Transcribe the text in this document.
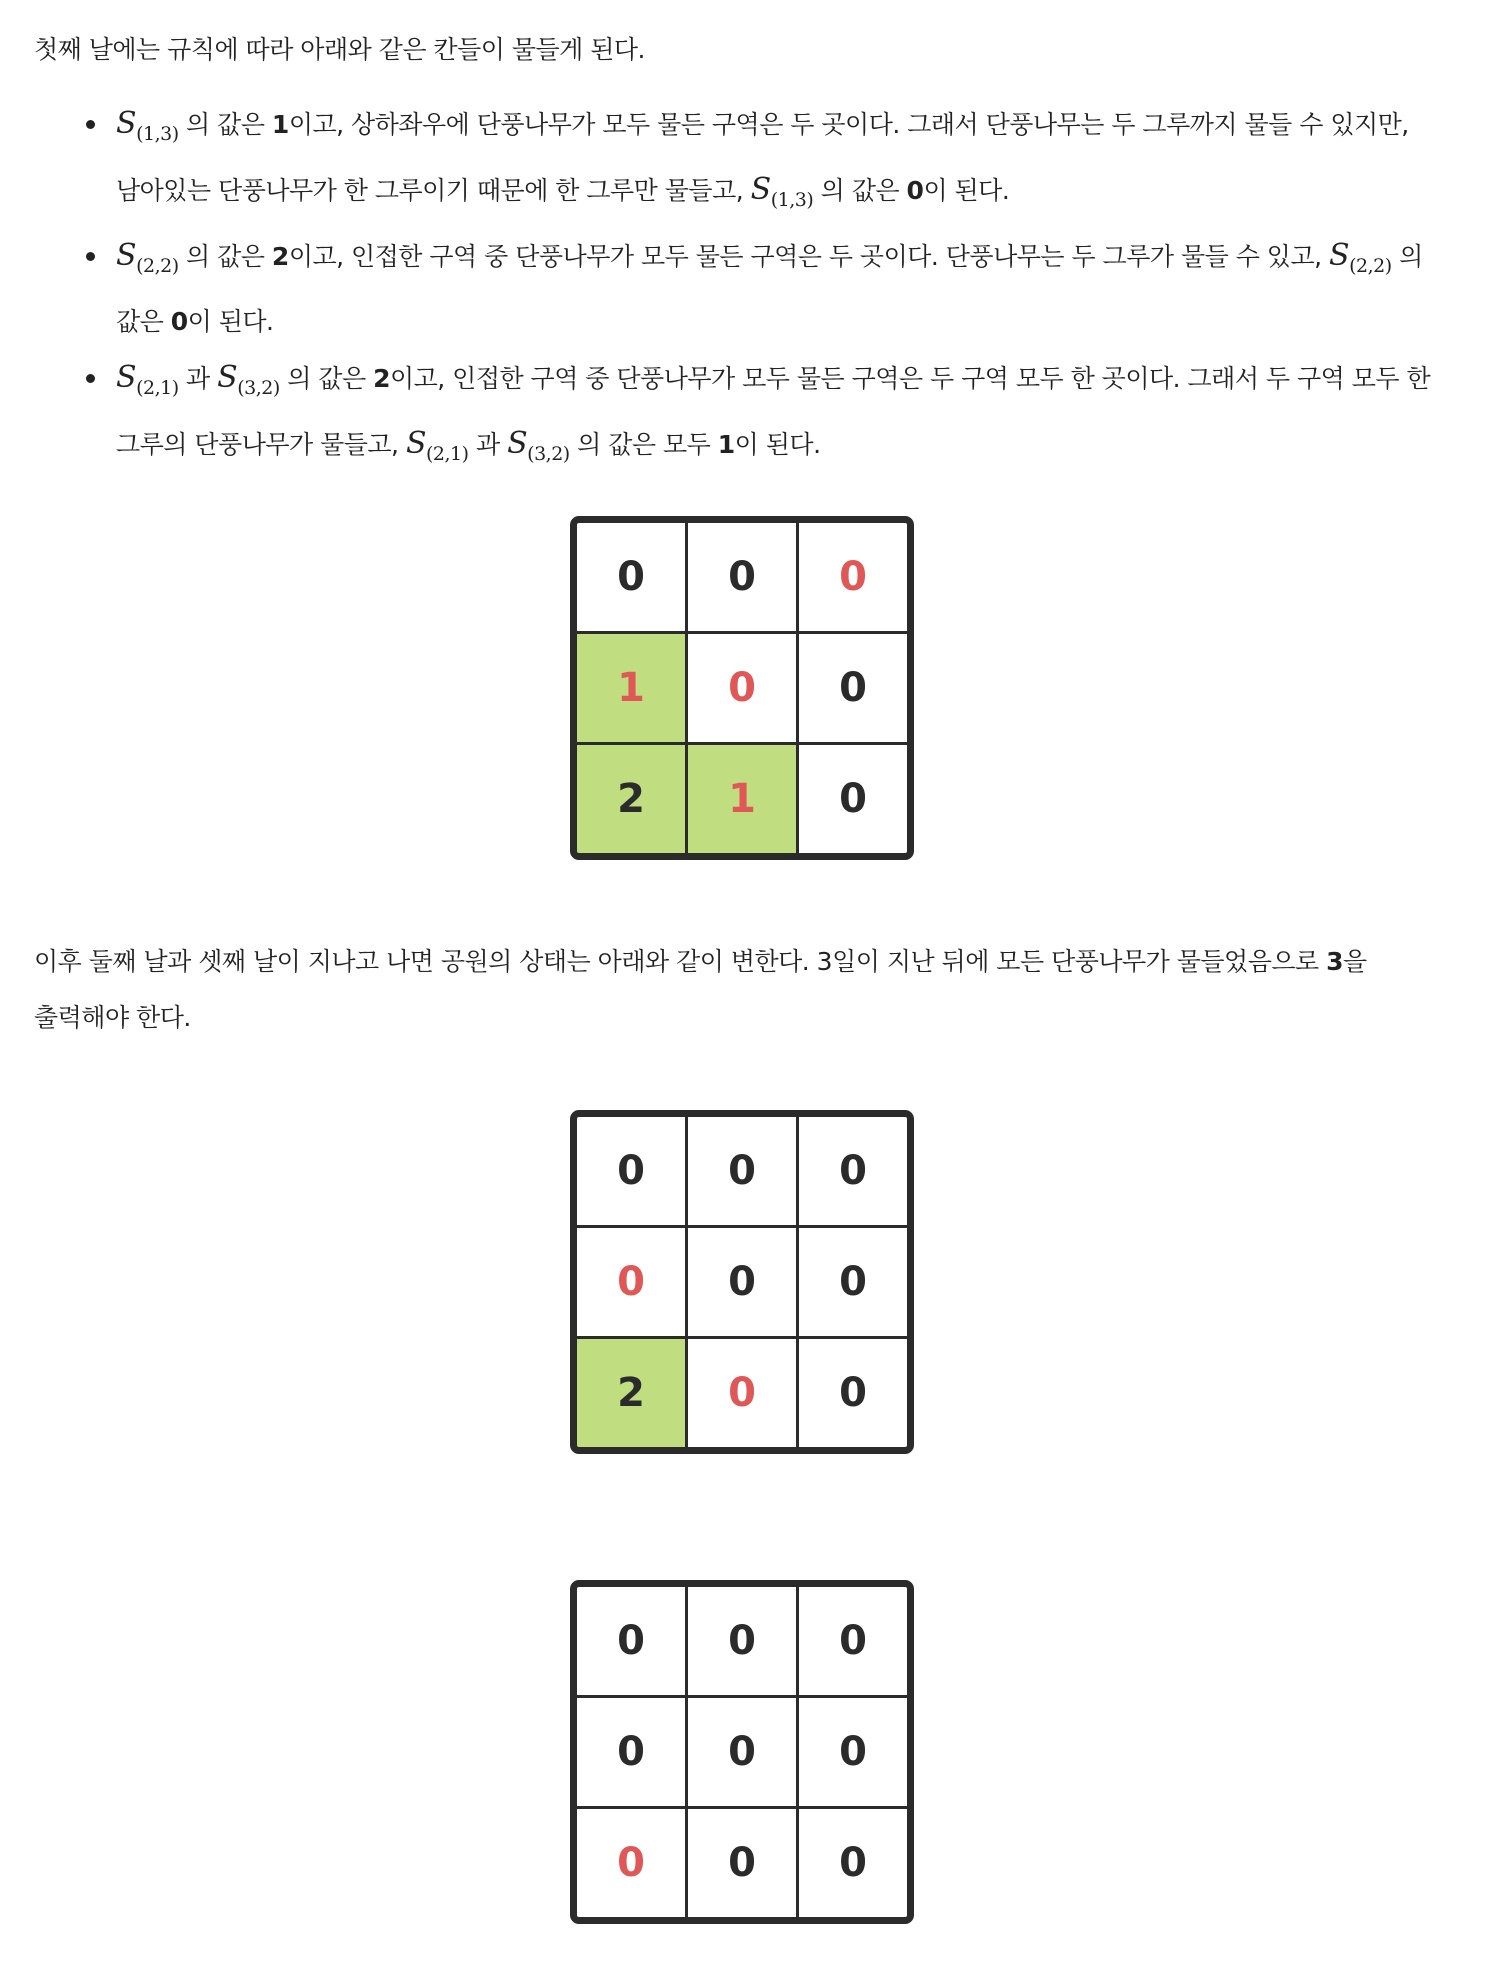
첫째 날에는 규칙에 따라 아래와 같은 칸들이 물들게 된다.

$S_{(1,3)}$ 의 값은 1이고, 상하좌우에 단풍나무가 모두 물든 구역은 두 곳이다. 그래서 단풍나무는 두 그루까지 물들 수 있지만,
남아있는 단풍나무가 한 그루이기 때문에 한 그루만 물들고, $S_{(1,3)}$ 의 값은 0이 된다.
$S_{(2,2)}$ 의 값은 2이고, 인접한 구역 중 단풍나무가 모두 물든 구역은 두 곳이다. 단풍나무는 두 그루가 물들 수 있고, $S_{(2,2)}$ 의
값은 0이 된다.
$S_{(2,1)}$ 과 $S_{(3,2)}$ 의 값은 2이고, 인접한 구역 중 단풍나무가 모두 물든 구역은 두 구역 모두 한 곳이다. 그래서 두 구역 모두 한
그루의 단풍나무가 물들고, $S_{(2,1)}$ 과 $S_{(3,2)}$ 의 값은 모두 1이 된다.
0	0	0
1	0	0
2	1	0

이후 둘째 날과 셋째 날이 지나고 나면 공원의 상태는 아래와 같이 변한다. 3일이 지난 뒤에 모든 단풍나무가 물들었음으로 3을
출력해야 한다.

0	0	0
0	0	0
2	0	0
0	0	0
0	0	0
0	0	0
